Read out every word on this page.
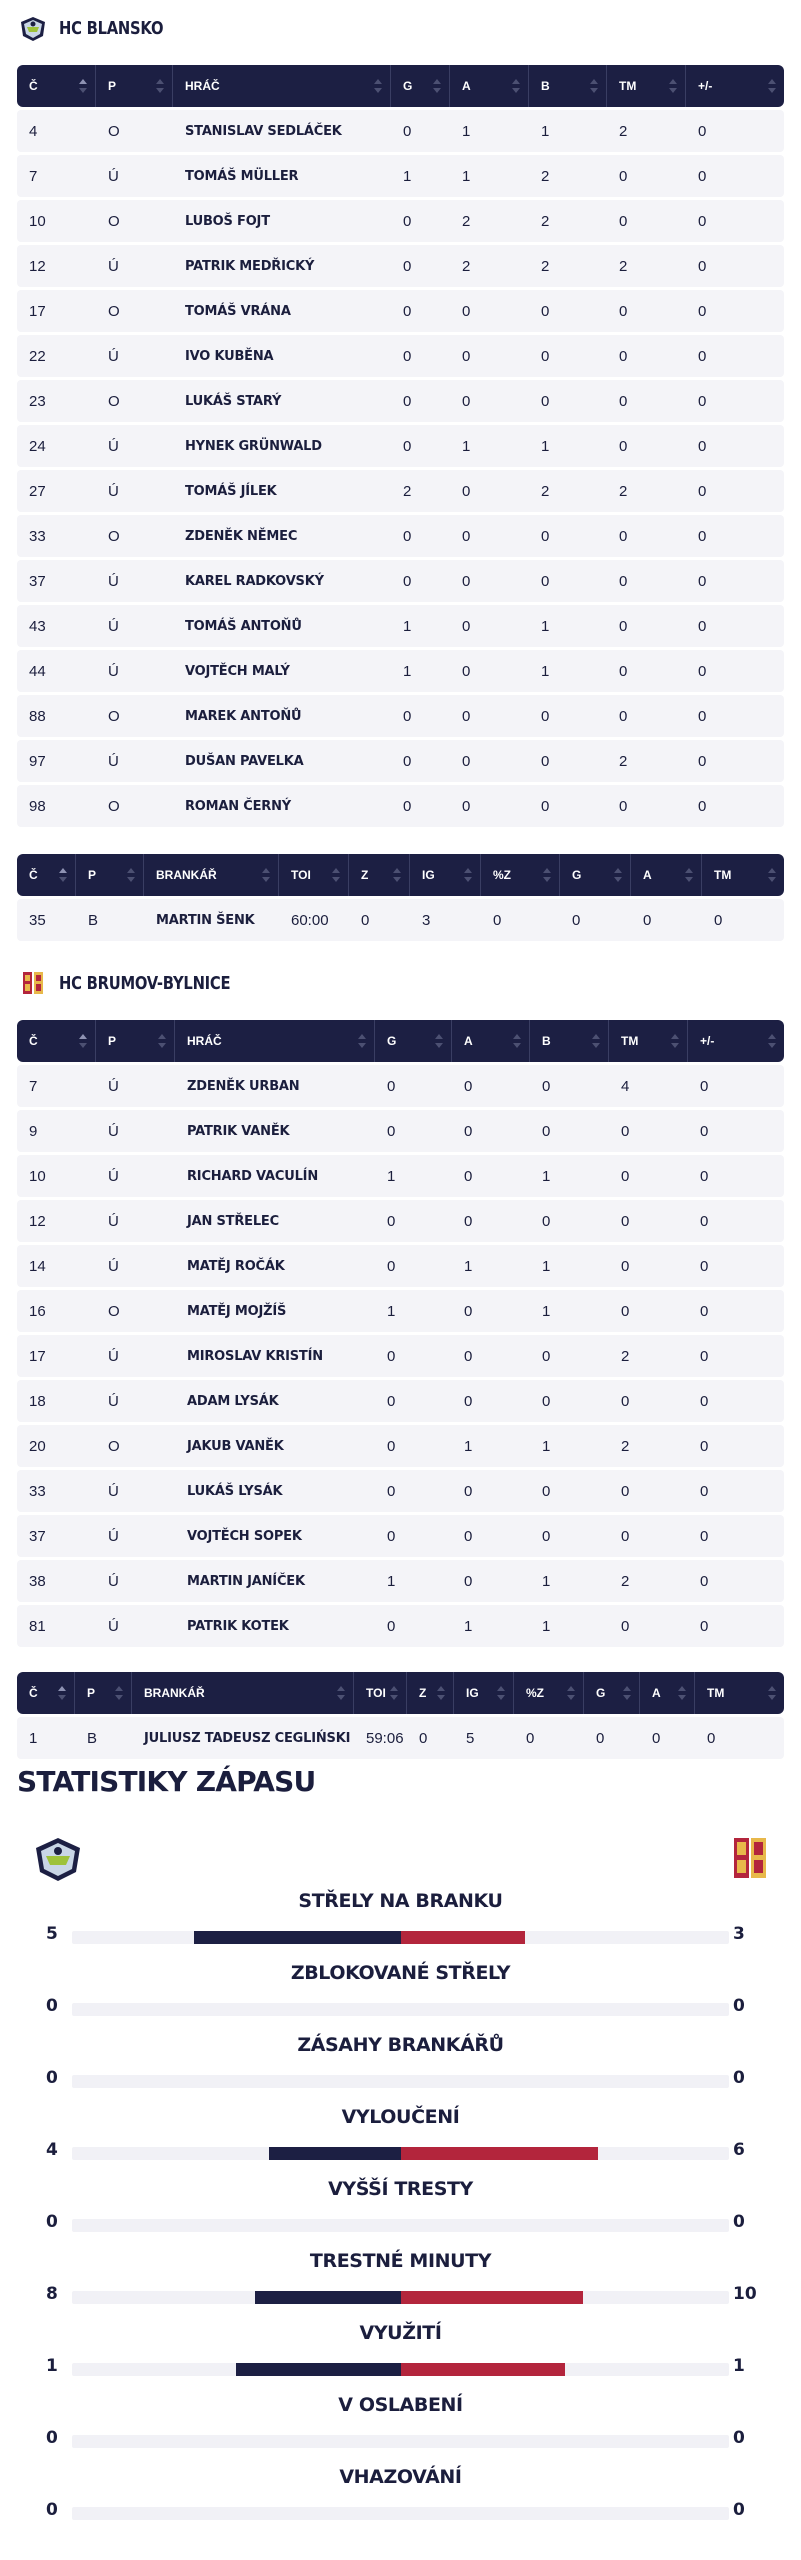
HC BLANSKO
Č	P	HRÁČ	G	A	B	TM	+/-

4	O	STANISLAV SEDLÁČEK	0	1	1	2	0
7	Ú	TOMÁŠ MÜLLER	1	1	2	0	0
10	O	LUBOŠ FOJT	0	2	2	0	0
12	Ú	PATRIK MEDŘICKÝ	0	2	2	2	0
17	O	TOMÁŠ VRÁNA	0	0	0	0	0
22	Ú	IVO KUBĚNA	0	0	0	0	0
23	O	LUKÁŠ STARÝ	0	0	0	0	0
24	Ú	HYNEK GRÜNWALD	0	1	1	0	0
27	Ú	TOMÁŠ JÍLEK	2	0	2	2	0
33	O	ZDENĚK NĚMEC	0	0	0	0	0
37	Ú	KAREL RADKOVSKÝ	0	0	0	0	0
43	Ú	TOMÁŠ ANTOŇŮ	1	0	1	0	0
44	Ú	VOJTĚCH MALÝ	1	0	1	0	0
88	O	MAREK ANTOŇŮ	0	0	0	0	0
97	Ú	DUŠAN PAVELKA	0	0	0	2	0
98	O	ROMAN ČERNÝ	0	0	0	0	0
Č	P	BRANKÁŘ	TOI	Z	IG	%Z	G	A	TM

35	B	MARTIN ŠENK	60:00	0	3	0	0	0	0
HC BRUMOV-BYLNICE
Č	P	HRÁČ	G	A	B	TM	+/-

7	Ú	ZDENĚK URBAN	0	0	0	4	0
9	Ú	PATRIK VANĚK	0	0	0	0	0
10	Ú	RICHARD VACULÍN	1	0	1	0	0
12	Ú	JAN STŘELEC	0	0	0	0	0
14	Ú	MATĚJ ROČÁK	0	1	1	0	0
16	O	MATĚJ MOJŽÍŠ	1	0	1	0	0
17	Ú	MIROSLAV KRISTÍN	0	0	0	2	0
18	Ú	ADAM LYSÁK	0	0	0	0	0
20	O	JAKUB VANĚK	0	1	1	2	0
33	Ú	LUKÁŠ LYSÁK	0	0	0	0	0
37	Ú	VOJTĚCH SOPEK	0	0	0	0	0
38	Ú	MARTIN JANÍČEK	1	0	1	2	0
81	Ú	PATRIK KOTEK	0	1	1	0	0
Č	P	BRANKÁŘ	TOI	Z	IG	%Z	G	A	TM

1	B	JULIUSZ TADEUSZ CEGLIŃSKI	59:06	0	5	0	0	0	0
STATISTIKY ZÁPASU
STŘELY NA BRANKU
5	3
ZBLOKOVANÉ STŘELY
0	0
ZÁSAHY BRANKÁŘŮ
0	0
VYLOUČENÍ
4	6
VYŠŠÍ TRESTY
0	0
TRESTNÉ MINUTY
8	10
VYUŽITÍ
1	1
V OSLABENÍ
0	0
VHAZOVÁNÍ
0	0
